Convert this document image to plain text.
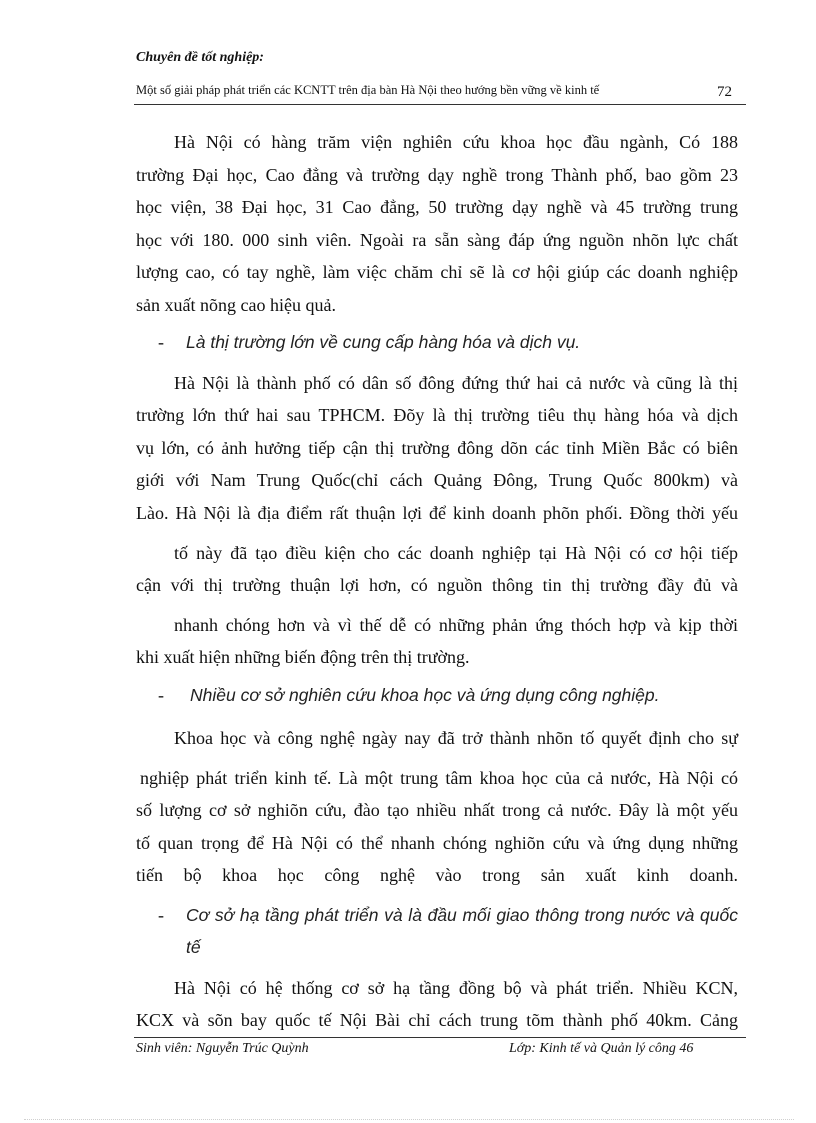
Chuyên đề tốt nghiệp:
Một số giải pháp phát triển các KCNTT trên địa bàn Hà Nội theo hướng bền vững về kinh tế	72
Hà Nội có hàng trăm viện nghiên cứu khoa học đầu ngành, Có 188
trường Đại học, Cao đẳng và trường dạy nghề trong Thành phố, bao gồm 23
học viện, 38 Đại học, 31 Cao đẳng, 50 trường dạy nghề và 45 trường trung
học với 180. 000 sinh viên. Ngoài ra sẵn sàng đáp ứng nguồn nhõn lực chất
lượng cao, có tay nghề, làm việc chăm chỉ sẽ là cơ hội giúp các doanh nghiệp
sản xuất nõng cao hiệu quả.
- Là thị trường lớn về cung cấp hàng hóa và dịch vụ.
Hà Nội là thành phố có dân số đông đứng thứ hai cả nước và cũng là thị
trường lớn thứ hai sau TPHCM. Đõy là thị trường tiêu thụ hàng hóa và dịch
vụ lớn, có ảnh hưởng tiếp cận thị trường đông dõn các tỉnh Miền Bắc có biên
giới với Nam Trung Quốc(chỉ cách Quảng Đông, Trung Quốc 800km) và
Lào. Hà Nội là địa điểm rất thuận lợi để kinh doanh phõn phối. Đồng thời yếu
tố này đã tạo điều kiện cho các doanh nghiệp tại Hà Nội có cơ hội tiếp
cận với thị trường thuận lợi hơn, có nguồn thông tin thị trường đầy đủ và
nhanh chóng hơn và vì thế dễ có những phản ứng thóch hợp và kịp thời
khi xuất hiện những biến động trên thị trường.
- Nhiều cơ sở nghiên cứu khoa học và ứng dụng công nghiệp.
Khoa học và công nghệ ngày nay đã trở thành nhõn tố quyết định cho sự
nghiệp phát triển kinh tế. Là một trung tâm khoa học của cả nước, Hà Nội có
số lượng cơ sở nghiõn cứu, đào tạo nhiều nhất trong cả nước. Đây là một yếu
tố quan trọng để Hà Nội có thể nhanh chóng nghiõn cứu và ứng dụng những
tiến bộ khoa học công nghệ vào trong sản xuất kinh doanh.
- Cơ sở hạ tầng phát triển và là đầu mối giao thông trong nước và quốc
tế
Hà Nội có hệ thống cơ sở hạ tầng đồng bộ và phát triển. Nhiều KCN,
KCX và sõn bay quốc tế Nội Bài chỉ cách trung tõm thành phố 40km. Cảng
Sinh viên: Nguyễn Trúc Quỳnh	Lớp: Kinh tế và Quản lý công 46
